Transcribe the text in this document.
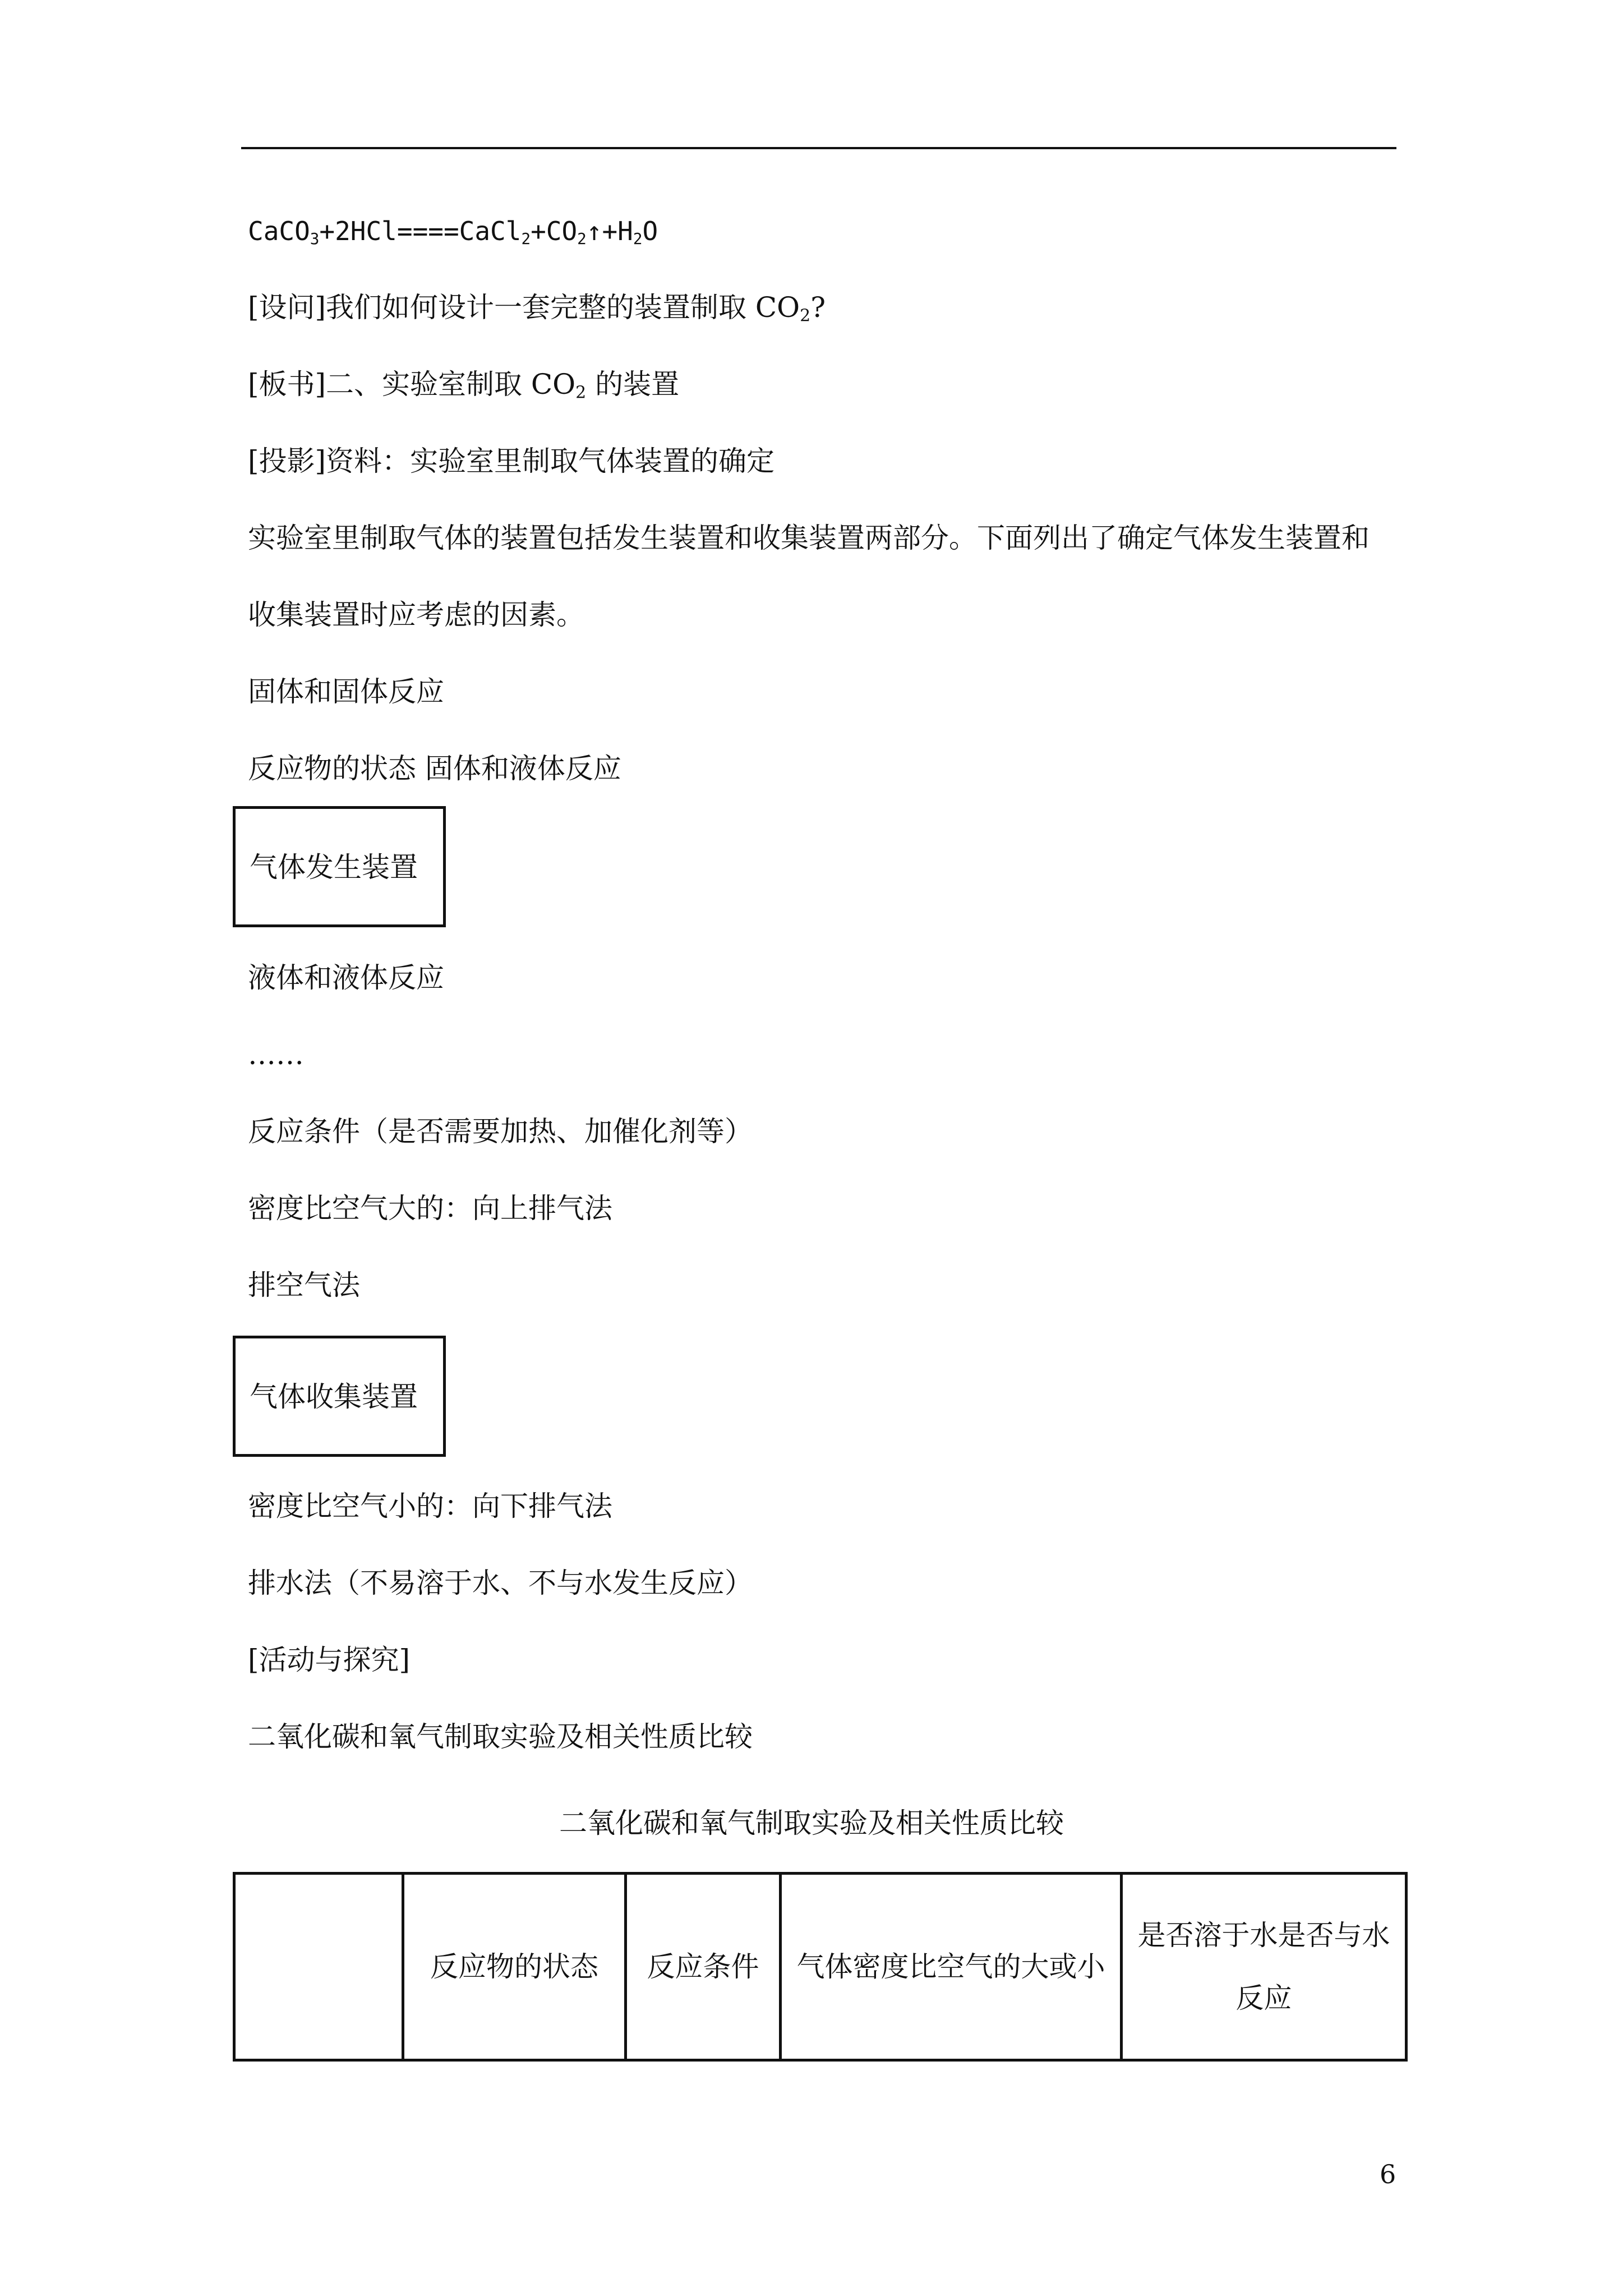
$CaCO_3+2HCl====CaCl_2+CO_2↑+H_2O$
[设问]我们如何设计一套完整的装置制取 $CO_2$?
[板书]二、实验室制取 $CO_2$ 的装置
[投影]资料：实验室里制取气体装置的确定
实验室里制取气体的装置包括发生装置和收集装置两部分。下面列出了确定气体发生装置和
收集装置时应考虑的因素。
固体和固体反应
反应物的状态 固体和液体反应
气体发生装置
液体和液体反应
……
反应条件（是否需要加热、加催化剂等）
密度比空气大的：向上排气法
排空气法
气体收集装置
密度比空气小的：向下排气法
排水法（不易溶于水、不与水发生反应）
[活动与探究]
二氧化碳和氧气制取实验及相关性质比较
二氧化碳和氧气制取实验及相关性质比较
	反应物的状态	反应条件	气体密度比空气的大或小	是否溶于水是否与水反应
6
